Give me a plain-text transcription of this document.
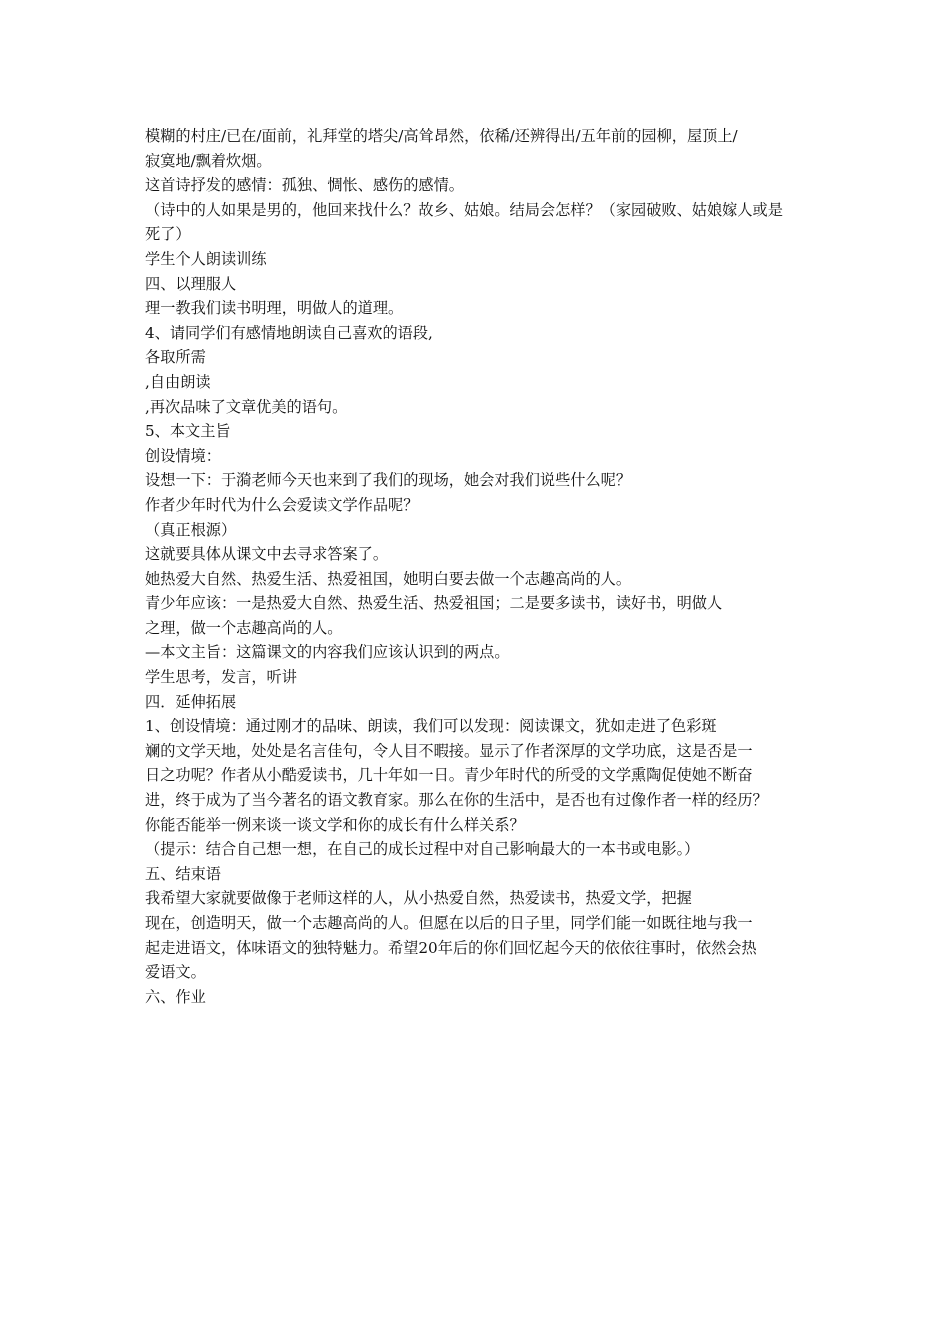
模糊的村庄/已在/面前，礼拜堂的塔尖/高耸昂然，依稀/还辨得出/五年前的园柳，屋顶上/

寂寞地/飘着炊烟。

这首诗抒发的感情：孤独、惆怅、感伤的感情。

（诗中的人如果是男的，他回来找什么？故乡、姑娘。结局会怎样？（家园破败、姑娘嫁人或是

死了）

学生个人朗读训练

四、以理服人

理一教我们读书明理，明做人的道理。

4、请同学们有感情地朗读自己喜欢的语段,

各取所需

,自由朗读

,再次品味了文章优美的语句。

5、本文主旨

创设情境：

设想一下：于漪老师今天也来到了我们的现场，她会对我们说些什么呢？

作者少年时代为什么会爱读文学作品呢？

（真正根源）

这就要具体从课文中去寻求答案了。

她热爱大自然、热爱生活、热爱祖国，她明白要去做一个志趣高尚的人。

青少年应该：一是热爱大自然、热爱生活、热爱祖国；二是要多读书，读好书，明做人

之理，做一个志趣高尚的人。

—本文主旨：这篇课文的内容我们应该认识到的两点。

学生思考，发言，听讲

四．延伸拓展

1、创设情境：通过刚才的品味、朗读，我们可以发现：阅读课文，犹如走进了色彩斑

斓的文学天地，处处是名言佳句，令人目不暇接。显示了作者深厚的文学功底，这是否是一

日之功呢？作者从小酷爱读书，几十年如一日。青少年时代的所受的文学熏陶促使她不断奋

进，终于成为了当今著名的语文教育家。那么在你的生活中，是否也有过像作者一样的经历？

你能否能举一例来谈一谈文学和你的成长有什么样关系？

（提示：结合自己想一想，在自己的成长过程中对自己影响最大的一本书或电影。）

五、结束语

我希望大家就要做像于老师这样的人，从小热爱自然，热爱读书，热爱文学，把握

现在，创造明天，做一个志趣高尚的人。但愿在以后的日子里，同学们能一如既往地与我一

起走进语文，体味语文的独特魅力。希望20年后的你们回忆起今天的依依往事时，依然会热

爱语文。

六、作业
